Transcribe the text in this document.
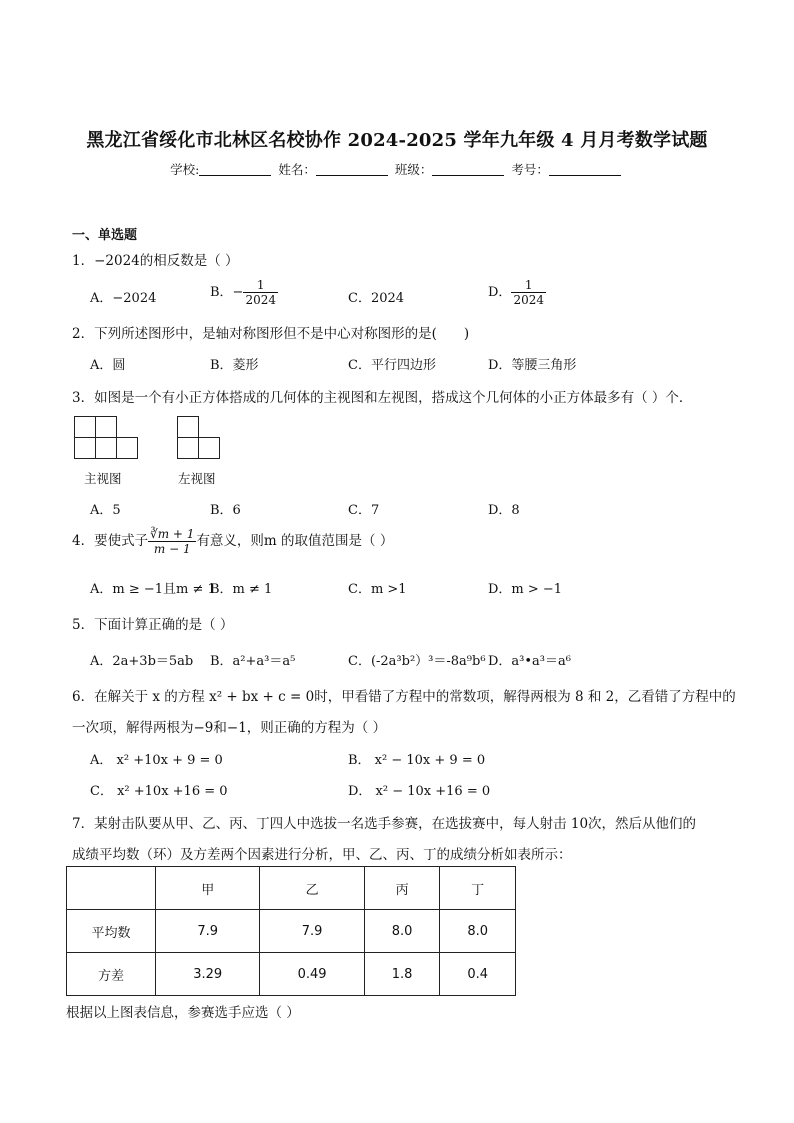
黑龙江省绥化市北林区名校协作 2024-2025 学年九年级 4 月月考数学试题
学校:	姓名：	班级：	考号：
一、单选题
1．−2024的相反数是（ ）
A．−2024	B．− $\frac{1}{2024}$	C．2024	D． $\frac{1}{2024}$
2．下列所述图形中，是轴对称图形但不是中心对称图形的是(　　)
A．圆	B．菱形	C．平行四边形	D．等腰三角形
3．如图是一个有小正方体搭成的几何体的主视图和左视图，搭成这个几何体的小正方体最多有（ ）个．
主视图	左视图
A．5	B．6	C．7	D．8
4．要使式子 $\frac{∛m + 1}{m - 1}$ 有意义，则m 的取值范围是（ ）
A．m ≥ −1且m ≠ 1
B．m ≠ 1	C．m >1	D．m > −1
5．下面计算正确的是（ ）
A．2a+3b＝5ab B．a²+a³＝a⁵	C．(-2a³b²）³＝-8a⁹b⁶ D．a³•a³＝a⁶
6．在解关于 x 的方程 x² + bx + c = 0时，甲看错了方程中的常数项，解得两根为 8 和 2，乙看错了方程中的
一次项，解得两根为−9和−1，则正确的方程为（ ）
A． x² +10x + 9 = 0	B． x² − 10x + 9 = 0
C． x² +10x +16 = 0	D． x² − 10x +16 = 0
7．某射击队要从甲、乙、丙、丁四人中选拔一名选手参赛，在选拔赛中，每人射击 10次，然后从他们的
成绩平均数（环）及方差两个因素进行分析，甲、乙、丙、丁的成绩分析如表所示：
	甲	乙	丙	丁
平均数	7.9	7.9	8.0	8.0
方差	3.29	0.49	1.8	0.4
根据以上图表信息，参赛选手应选（ ）
